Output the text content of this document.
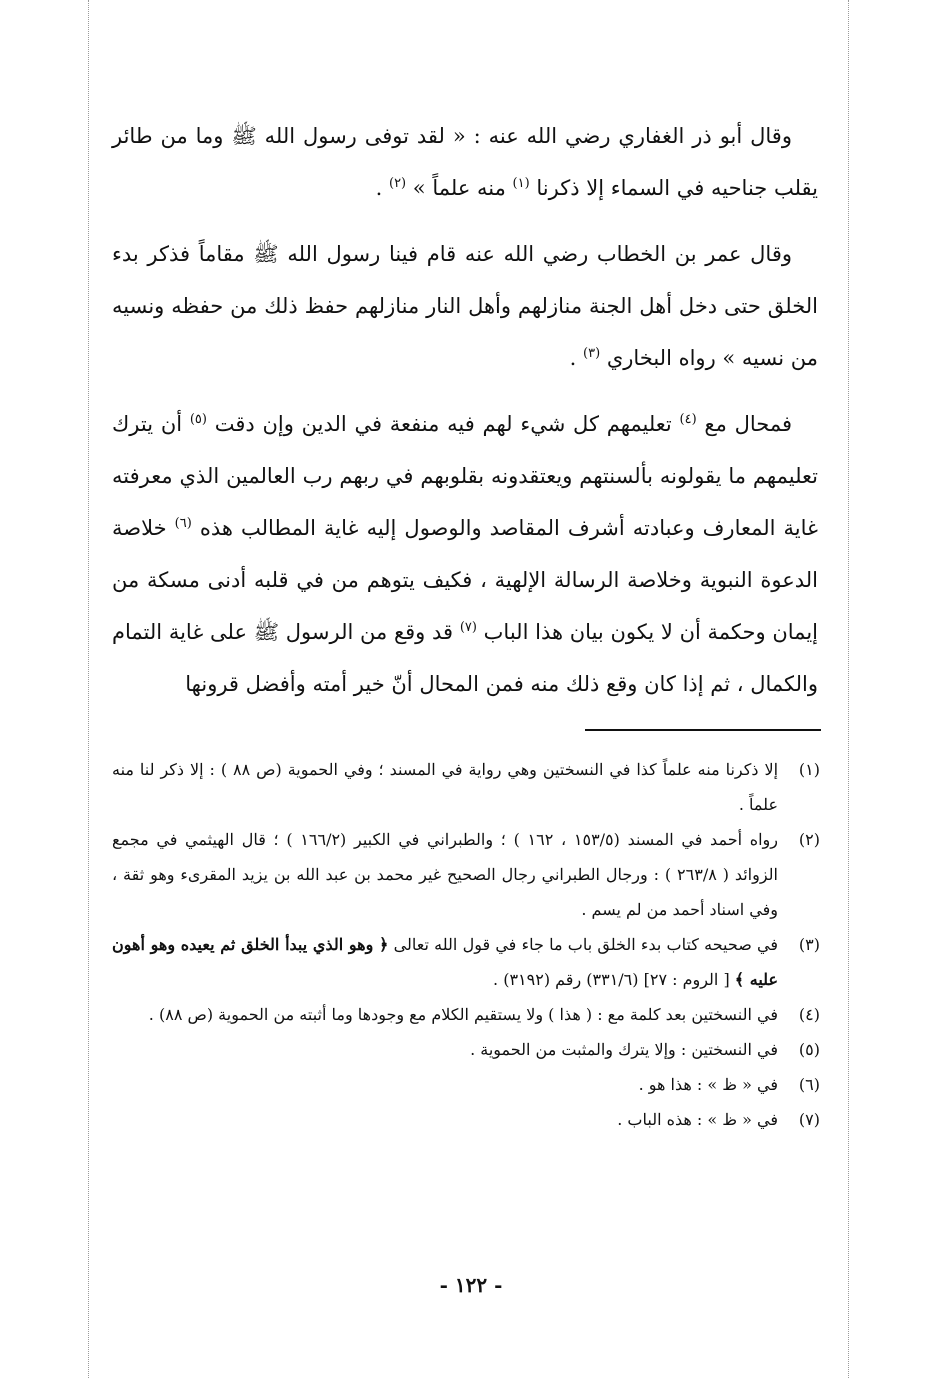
وقال أبو ذر الغفاري رضي الله عنه : « لقد توفى رسول الله ﷺ وما من طائر يقلب جناحيه في السماء إلا ذكرنا $^{(١)}$ منه علماً » $^{(٢)}$ .

وقال عمر بن الخطاب رضي الله عنه قام فينا رسول الله ﷺ مقاماً فذكر بدء الخلق حتى دخل أهل الجنة منازلهم وأهل النار منازلهم حفظ ذلك من حفظه ونسيه من نسيه » رواه البخاري $^{(٣)}$ .

فمحال مع $^{(٤)}$ تعليمهم كل شيء لهم فيه منفعة في الدين وإن دقت $^{(٥)}$ أن يترك تعليمهم ما يقولونه بألسنتهم ويعتقدونه بقلوبهم في ربهم رب العالمين الذي معرفته غاية المعارف وعبادته أشرف المقاصد والوصول إليه غاية المطالب هذه $^{(٦)}$ خلاصة الدعوة النبوية وخلاصة الرسالة الإلهية ، فكيف يتوهم من في قلبه أدنى مسكة من إيمان وحكمة أن لا يكون بيان هذا الباب $^{(٧)}$ قد وقع من الرسول ﷺ على غاية التمام والكمال ، ثم إذا كان وقع ذلك منه فمن المحال أنّ خير أمته وأفضل قرونها

(١)
إلا ذكرنا منه علماً كذا في النسختين وهي رواية في المسند ؛ وفي الحموية (ص ٨٨ ) : إلا ذكر لنا منه علماً .
(٢)
رواه أحمد في المسند (١٥٣/٥ ، ١٦٢ ) ؛ والطبراني في الكبير (١٦٦/٢ ) ؛ قال الهيثمي في مجمع الزوائد ( ٢٦٣/٨ ) : ورجال الطبراني رجال الصحيح غير محمد بن عبد الله بن يزيد المقرىء وهو ثقة ، وفي اسناد أحمد من لم يسم .
(٣)
في صحيحه كتاب بدء الخلق باب ما جاء في قول الله تعالى ﴿ وهو الذي يبدأ الخلق ثم يعيده وهو أهون عليه ﴾ [ الروم : ٢٧] (٣٣١/٦) رقم (٣١٩٢) .
(٤)
في النسختين بعد كلمة مع : ( هذا ) ولا يستقيم الكلام مع وجودها وما أثبته من الحموية (ص ٨٨) .
(٥)
في النسختين : وإلا يترك والمثبت من الحموية .
(٦)
في « ظ » : هذا هو .
(٧)
في « ظ » : هذه الباب .
- ١٢٢ -
